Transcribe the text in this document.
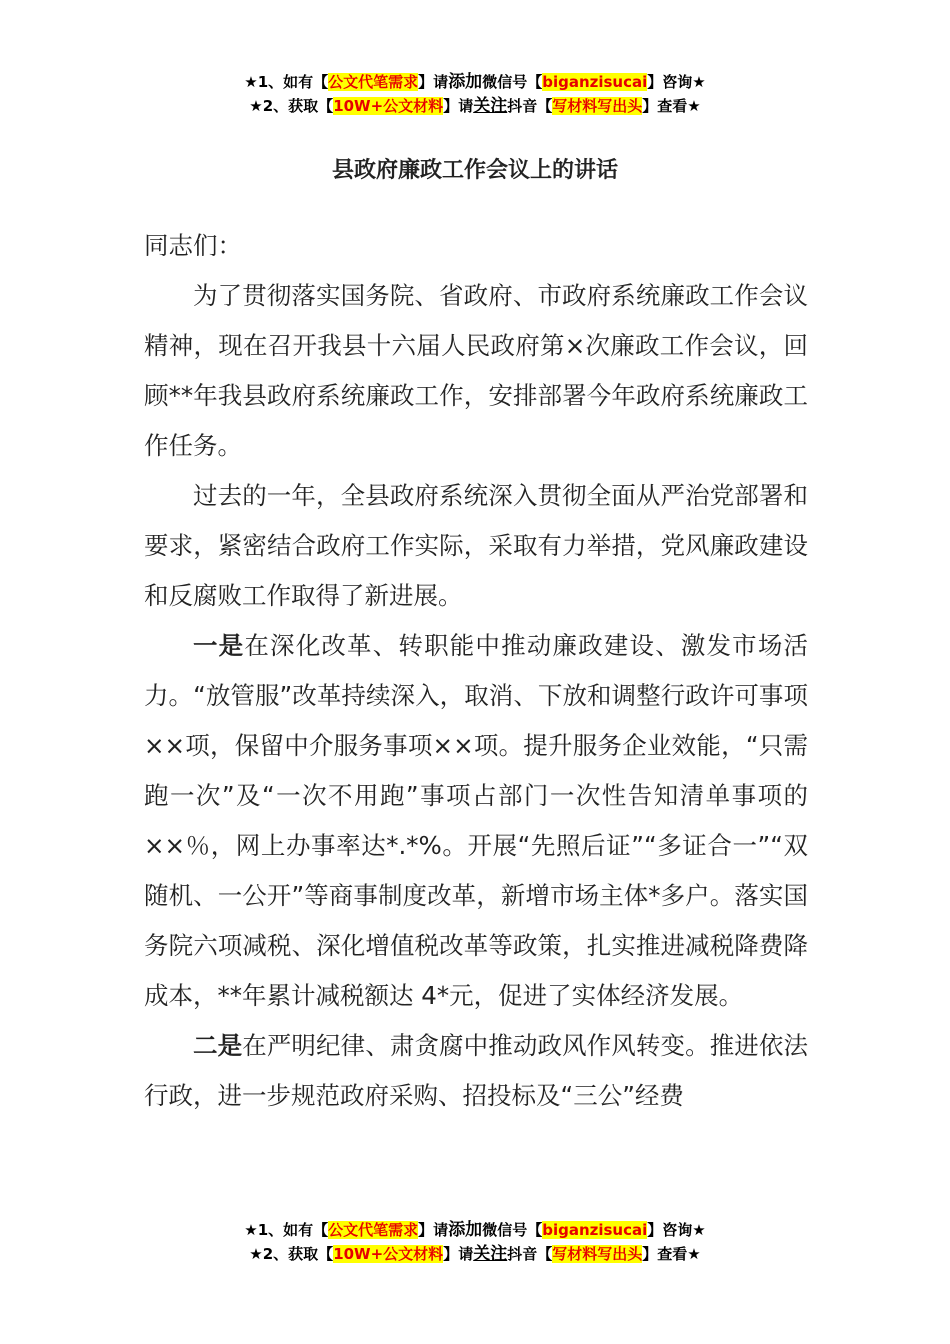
★1、如有【公文代笔需求】请添加微信号【biganzisucai】咨询★
★2、获取【10W+公文材料】请关注抖音【写材料写出头】查看★
县政府廉政工作会议上的讲话

同志们：

为了贯彻落实国务院、省政府、市政府系统廉政工作会议精神，现在召开我县十六届人民政府第×次廉政工作会议，回顾**年我县政府系统廉政工作，安排部署今年政府系统廉政工作任务。

过去的一年，全县政府系统深入贯彻全面从严治党部署和要求，紧密结合政府工作实际，采取有力举措，党风廉政建设和反腐败工作取得了新进展。

一是在深化改革、转职能中推动廉政建设、激发市场活力。“放管服”改革持续深入，取消、下放和调整行政许可事项××项，保留中介服务事项××项。提升服务企业效能，“只需跑一次”及“一次不用跑”事项占部门一次性告知清单事项的××％，网上办事率达*.*%。开展“先照后证”“多证合一”“双随机、一公开”等商事制度改革，新增市场主体*多户。落实国务院六项减税、深化增值税改革等政策，扎实推进减税降费降成本，**年累计减税额达 4*元，促进了实体经济发展。

二是在严明纪律、肃贪腐中推动政风作风转变。推进依法行政，进一步规范政府采购、招投标及“三公”经费

★1、如有【公文代笔需求】请添加微信号【biganzisucai】咨询★
★2、获取【10W+公文材料】请关注抖音【写材料写出头】查看★
